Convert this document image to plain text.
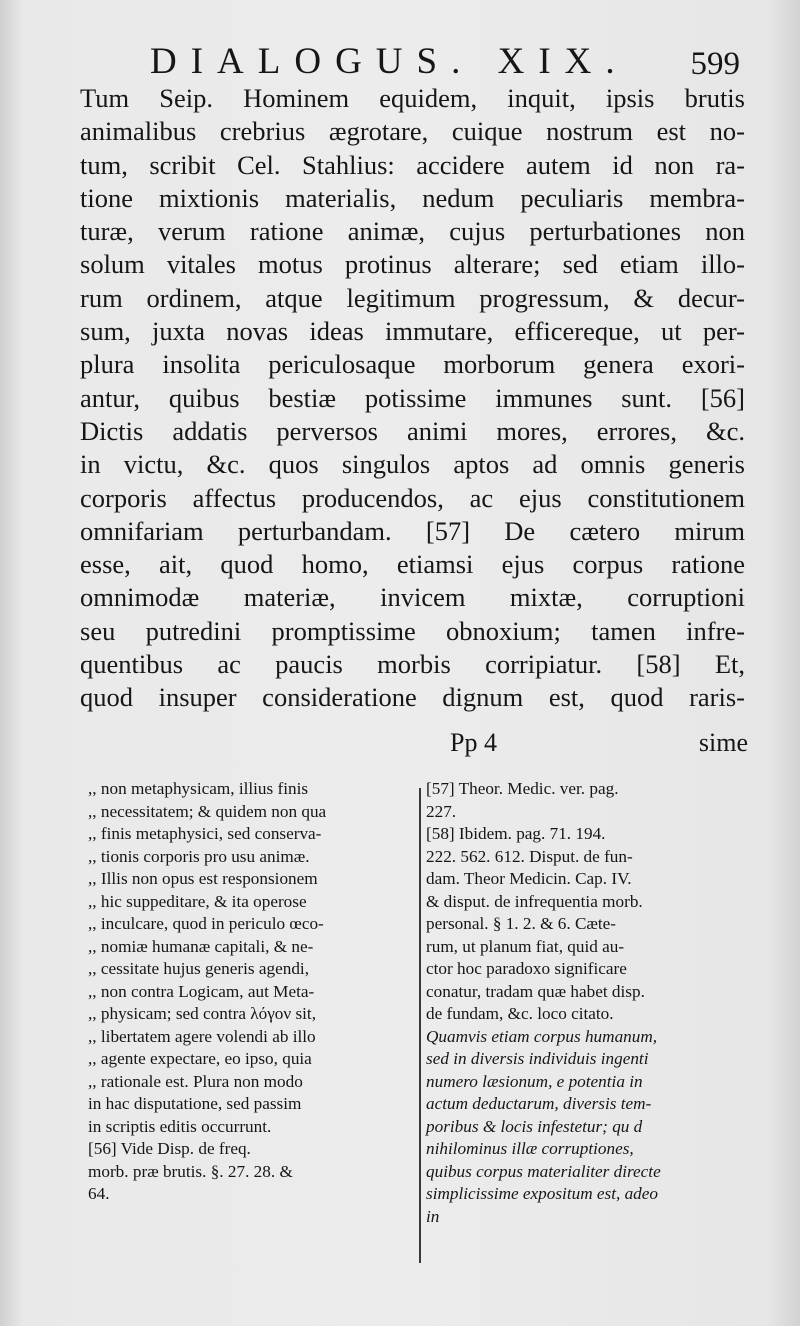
DIALOGUS. XIX. 599

Tum Seip. Hominem equidem, inquit, ipsis brutis

animalibus crebrius ægrotare, cuique nostrum est no-

tum, scribit Cel. Stahlius: accidere autem id non ra-

tione mixtionis materialis, nedum peculiaris membra-

turæ, verum ratione animæ, cujus perturbationes non

solum vitales motus protinus alterare; sed etiam illo-

rum ordinem, atque legitimum progressum, & decur-

sum, juxta novas ideas immutare, efficereque, ut per-

plura insolita periculosaque morborum genera exori-

antur, quibus bestiæ potissime immunes sunt. [56]

Dictis addatis perversos animi mores, errores, &c.

in victu, &c. quos singulos aptos ad omnis generis

corporis affectus producendos, ac ejus constitutionem

omnifariam perturbandam. [57] De cætero mirum

esse, ait, quod homo, etiamsi ejus corpus ratione

omnimodæ materiæ, invicem mixtæ, corruptioni

seu putredini promptissime obnoxium; tamen infre-

quentibus ac paucis morbis corripiatur. [58] Et,

quod insuper consideratione dignum est, quod raris-

Pp 4	sime

,, non metaphysicam, illius finis

,, necessitatem; & quidem non qua

,, finis metaphysici, sed conserva-

,, tionis corporis pro usu animæ.

,, Illis non opus est responsionem

,, hic suppeditare, & ita operose

,, inculcare, quod in periculo œco-

,, nomiæ humanæ capitali, & ne-

,, cessitate hujus generis agendi,

,, non contra Logicam, aut Meta-

,, physicam; sed contra λόγον sit,

,, libertatem agere volendi ab illo

,, agente expectare, eo ipso, quia

,, rationale est. Plura non modo

in hac disputatione, sed passim

in scriptis editis occurrunt.

[56] Vide Disp. de freq.

morb. præ brutis. §. 27. 28. &

64.

[57] Theor. Medic. ver. pag.

227.

[58] Ibidem. pag. 71. 194.

222. 562. 612. Disput. de fun-

dam. Theor Medicin. Cap. IV.

& disput. de infrequentia morb.

personal. § 1. 2. & 6. Cæte-

rum, ut planum fiat, quid au-

ctor hoc paradoxo significare

conatur, tradam quæ habet disp.

de fundam, &c. loco citato.

Quamvis etiam corpus humanum,

sed in diversis individuis ingenti

numero læsionum, e potentia in

actum deductarum, diversis tem-

poribus & locis infestetur; qu d

nihilominus illæ corruptiones,

quibus corpus materialiter directe

simplicissime expositum est, adeo

in
